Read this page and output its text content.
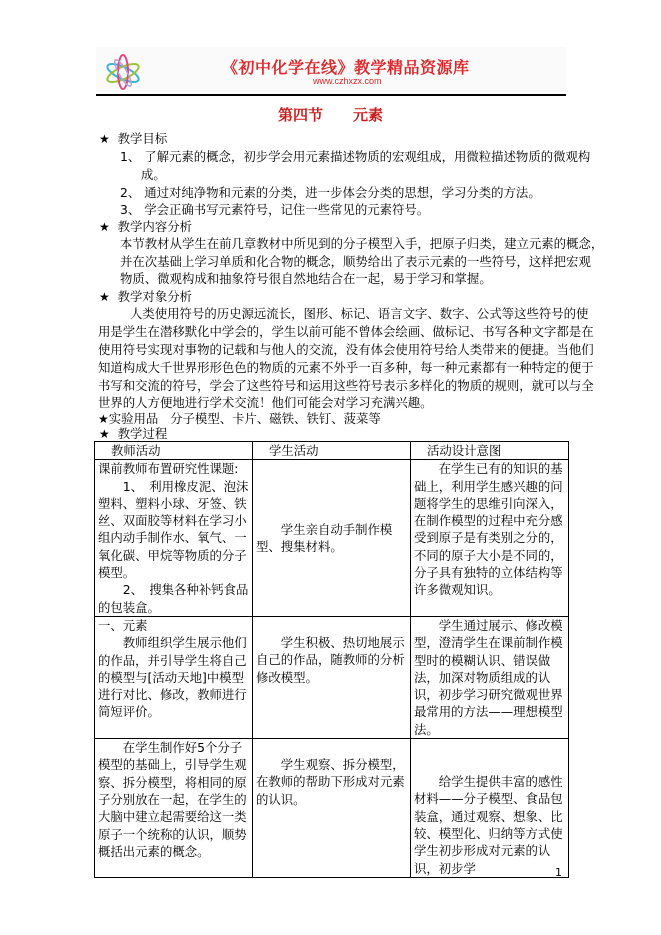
《初中化学在线》教学精品资源库
www.czhxzx.com
第四节　　元素
★ 教学目标
1、 了解元素的概念，初步学会用元素描述物质的宏观组成，用微粒描述物质的微观构
成。
2、 通过对纯净物和元素的分类，进一步体会分类的思想，学习分类的方法。
3、 学会正确书写元素符号，记住一些常见的元素符号。
★ 教学内容分析
本节教材从学生在前几章教材中所见到的分子模型入手，把原子归类，建立元素的概念，
并在次基础上学习单质和化合物的概念，顺势给出了表示元素的一些符号，这样把宏观
物质、微观构成和抽象符号很自然地结合在一起，易于学习和掌握。
★ 教学对象分析
人类使用符号的历史源远流长，图形、标记、语言文字、数字、公式等这些符号的使
用是学生在潜移默化中学会的，学生以前可能不曾体会绘画、做标记、书写各种文字都是在
使用符号实现对事物的记载和与他人的交流，没有体会使用符号给人类带来的便捷。当他们
知道构成大千世界形形色色的物质的元素不外乎一百多种，每一种元素都有一种特定的便于
书写和交流的符号，学会了这些符号和运用这些符号表示多样化的物质的规则，就可以与全
世界的人方便地进行学术交流！他们可能会对学习充满兴趣。
★实验用品 分子模型、卡片、磁铁、铁钉、菠菜等
★ 教学过程
教师活动	学生活动	活动设计意图

课前教师布置研究性课题:
1、　利用橡皮泥、泡沫塑料、塑料小球、牙签、铁丝、双面胶等材料在学习小组内动手制作水、氧气、一氧化碳、甲烷等物质的分子模型。
2、　搜集各种补钙食品的包装盒。	学生亲自动手制作模型、搜集材料。	在学生已有的知识的基础上，利用学生感兴趣的问题将学生的思维引向深入，在制作模型的过程中充分感受到原子是有类别之分的，不同的原子大小是不同的，分子具有独特的立体结构等许多微观知识。

一、元素
教师组织学生展示他们的作品，并引导学生将自己的模型与[活动天地]中模型进行对比、修改，教师进行简短评价。	学生积极、热切地展示自己的作品，随教师的分析修改模型。	学生通过展示、修改模型，澄清学生在课前制作模型时的模糊认识、错误做法，加深对物质组成的认识，初步学习研究微观世界最常用的方法——理想模型法。

在学生制作好5个分子模型的基础上，引导学生观察、拆分模型，将相同的原子分别放在一起，在学生的大脑中建立起需要给这一类原子一个统称的认识，顺势概括出元素的概念。	学生观察、拆分模型，在教师的帮助下形成对元素的认识。	给学生提供丰富的感性材料——分子模型、食品包装盒，通过观察、想象、比较、模型化、归纳等方式使学生初步形成对元素的认识，初步学	1
